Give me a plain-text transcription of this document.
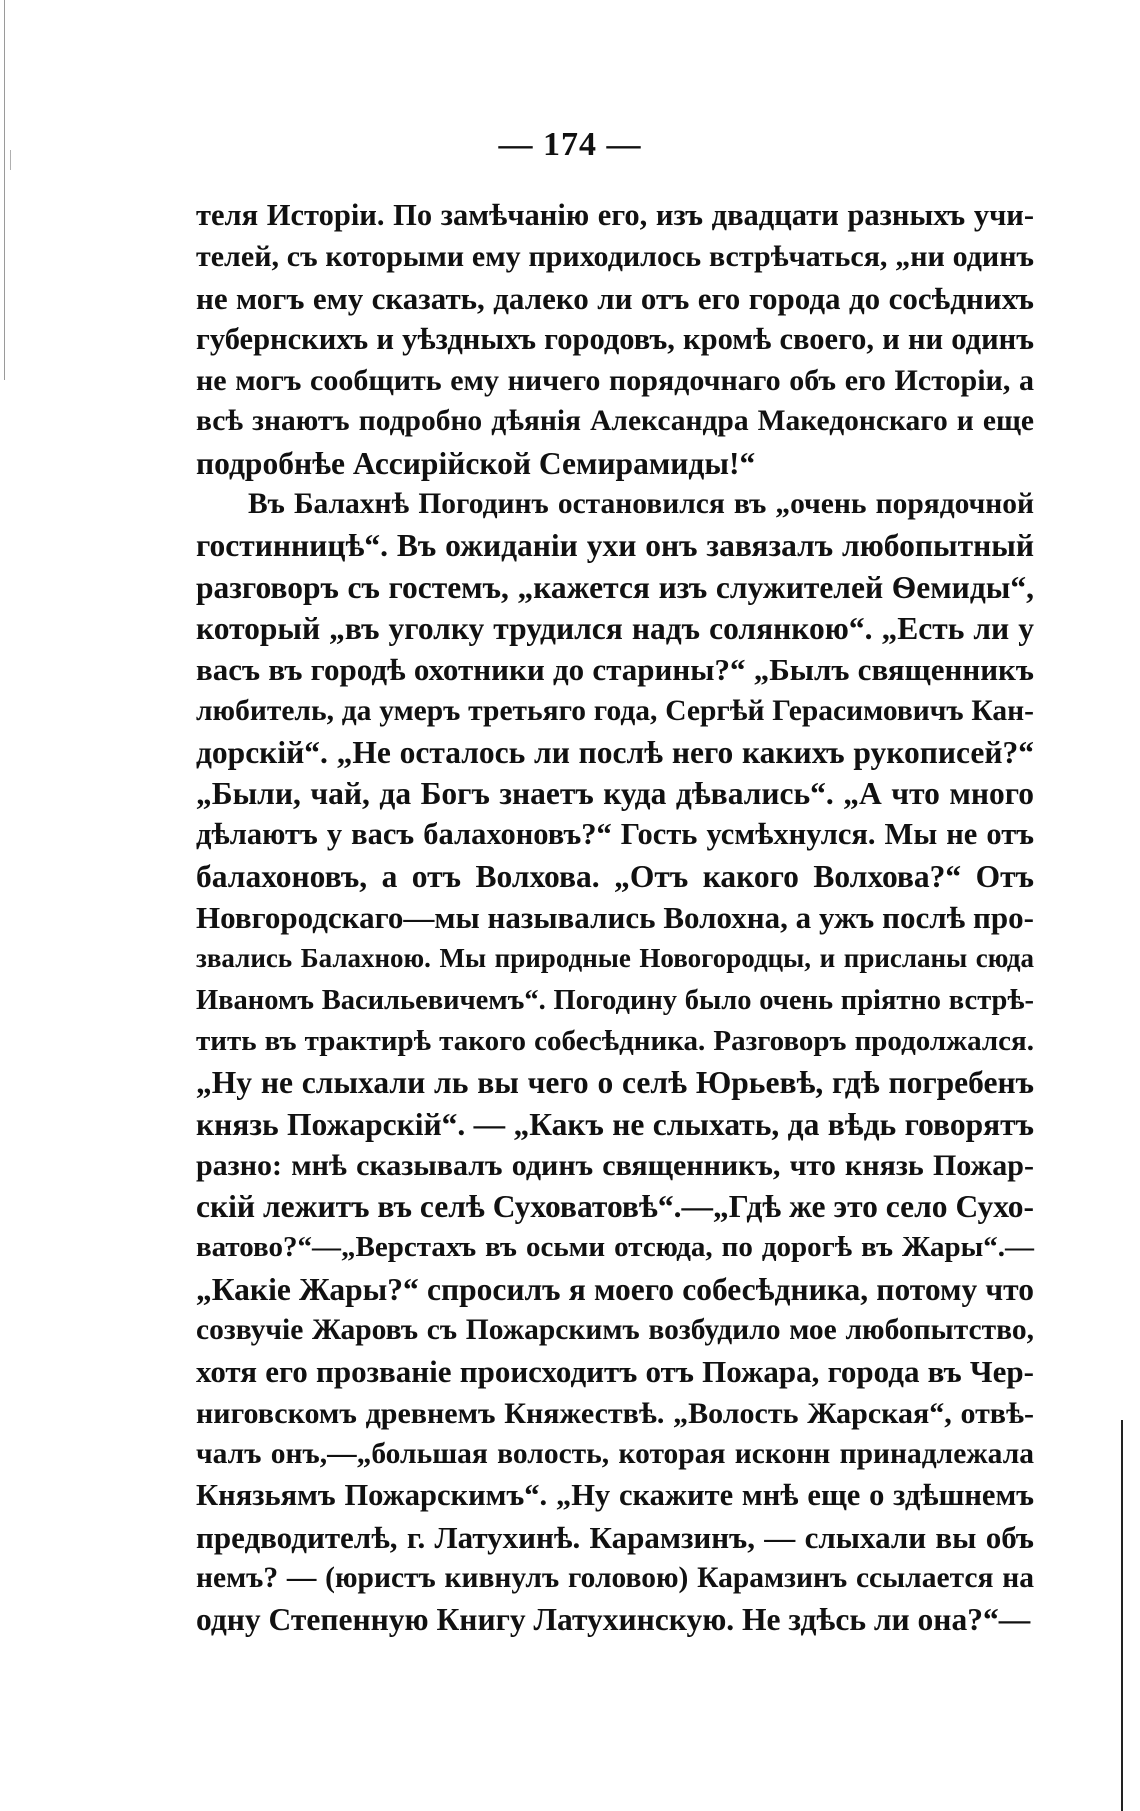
— 174 —
теля Исторіи. По замѣчанію его, изъ двадцати разныхъ учи-
телей, съ которыми ему приходилось встрѣчаться, „ни одинъ
не могъ ему сказать, далеко ли отъ его города до сосѣднихъ
губернскихъ и уѣздныхъ городовъ, кромѣ своего, и ни одинъ
не могъ сообщить ему ничего порядочнаго объ его Исторіи, а
всѣ знаютъ подробно дѣянія Александра Македонскаго и еще
подробнѣе Ассирійской Семирамиды!“
Въ Балахнѣ Погодинъ остановился въ „очень порядочной
гостинницѣ“. Въ ожиданіи ухи онъ завязалъ любопытный
разговоръ съ гостемъ, „кажется изъ служителей Ѳемиды“,
который „въ уголку трудился надъ солянкою“. „Есть ли у
васъ въ городѣ охотники до старины?“ „Былъ священникъ
любитель, да умеръ третьяго года, Сергѣй Герасимовичъ Кан-
дорскій“. „Не осталось ли послѣ него какихъ рукописей?“
„Были, чай, да Богъ знаетъ куда дѣвались“. „А что много
дѣлаютъ у васъ балахоновъ?“ Гость усмѣхнулся. Мы не отъ
балахоновъ, а отъ Волхова. „Отъ какого Волхова?“ Отъ
Новгородскаго—мы назывались Волохна, а ужъ послѣ про-
звались Балахною. Мы природные Новогородцы, и присланы сюда
Иваномъ Васильевичемъ“. Погодину было очень пріятно встрѣ-
тить въ трактирѣ такого собесѣдника. Разговоръ продолжался.
„Ну не слыхали ль вы чего о селѣ Юрьевѣ, гдѣ погребенъ
князь Пожарскій“. — „Какъ не слыхать, да вѣдь говорятъ
разно: мнѣ сказывалъ одинъ священникъ, что князь Пожар-
скій лежитъ въ селѣ Суховатовѣ“.—„Гдѣ же это село Сухо-
ватово?“—„Верстахъ въ осьми отсюда, по дорогѣ въ Жары“.—
„Какіе Жары?“ спросилъ я моего собесѣдника, потому что
созвучіе Жаровъ съ Пожарскимъ возбудило мое любопытство,
хотя его прозваніе происходитъ отъ Пожара, города въ Чер-
ниговскомъ древнемъ Княжествѣ. „Волость Жарская“, отвѣ-
чалъ онъ,—„большая волость, которая исконн принадлежала
Князьямъ Пожарскимъ“. „Ну скажите мнѣ еще о здѣшнемъ
предводителѣ, г. Латухинѣ. Карамзинъ, — слыхали вы объ
немъ? — (юристъ кивнулъ головою) Карамзинъ ссылается на
одну Степенную Книгу Латухинскую. Не здѣсь ли она?“—
